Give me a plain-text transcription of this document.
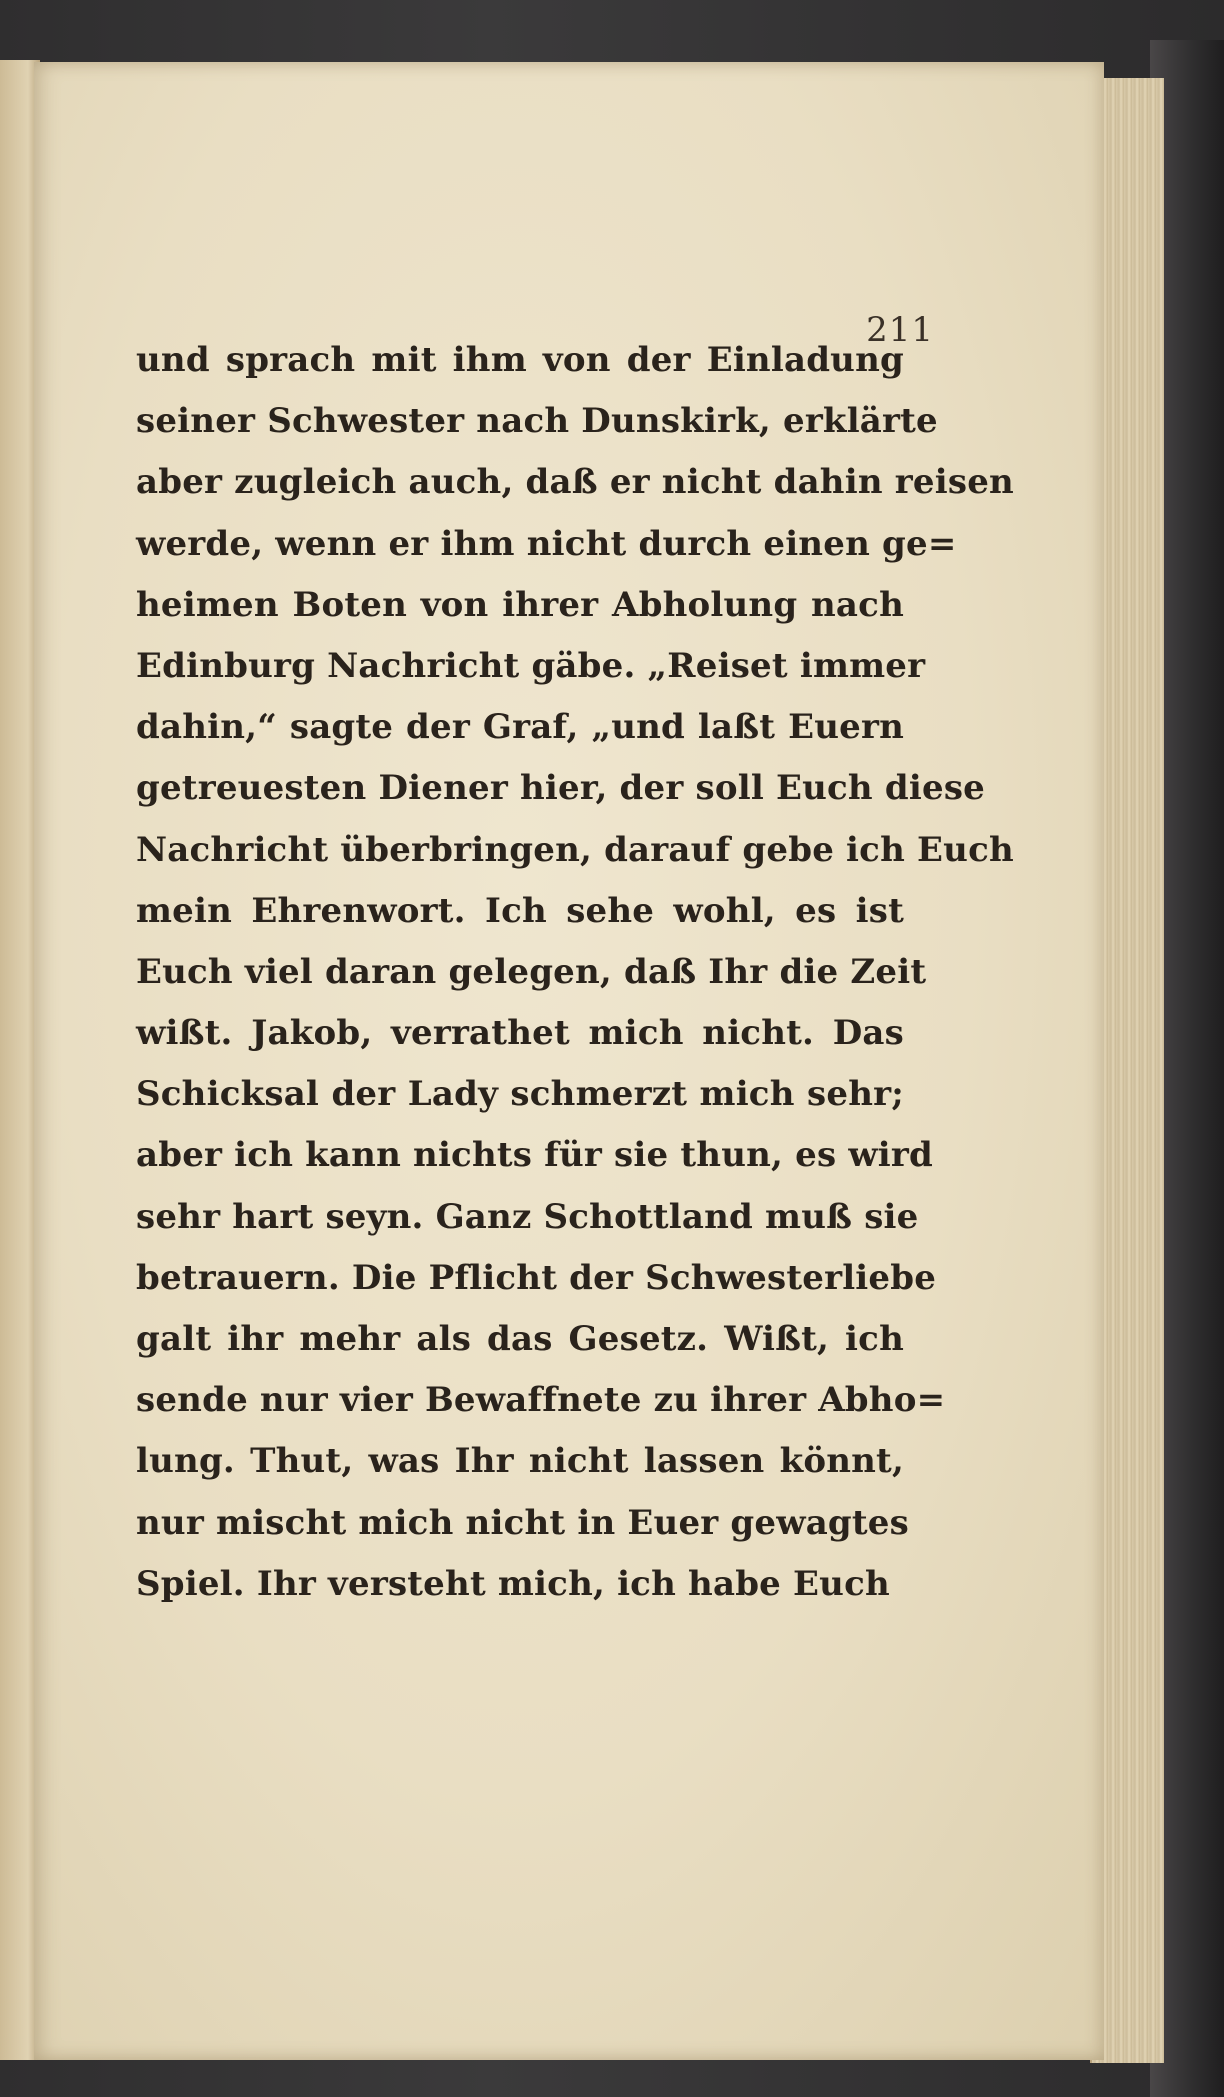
211
und sprach mit ihm von der Einladung
seiner Schwester nach Dunskirk, erklärte
aber zugleich auch, daß er nicht dahin reisen
werde, wenn er ihm nicht durch einen ge=
heimen Boten von ihrer Abholung nach
Edinburg Nachricht gäbe. „Reiset immer
dahin,“ sagte der Graf, „und laßt Euern
getreuesten Diener hier, der soll Euch diese
Nachricht überbringen, darauf gebe ich Euch
mein Ehrenwort. Ich sehe wohl, es ist
Euch viel daran gelegen, daß Ihr die Zeit
wißt. Jakob, verrathet mich nicht. Das
Schicksal der Lady schmerzt mich sehr;
aber ich kann nichts für sie thun, es wird
sehr hart seyn. Ganz Schottland muß sie
betrauern. Die Pflicht der Schwesterliebe
galt ihr mehr als das Gesetz. Wißt, ich
sende nur vier Bewaffnete zu ihrer Abho=
lung. Thut, was Ihr nicht lassen könnt,
nur mischt mich nicht in Euer gewagtes
Spiel. Ihr versteht mich, ich habe Euch
